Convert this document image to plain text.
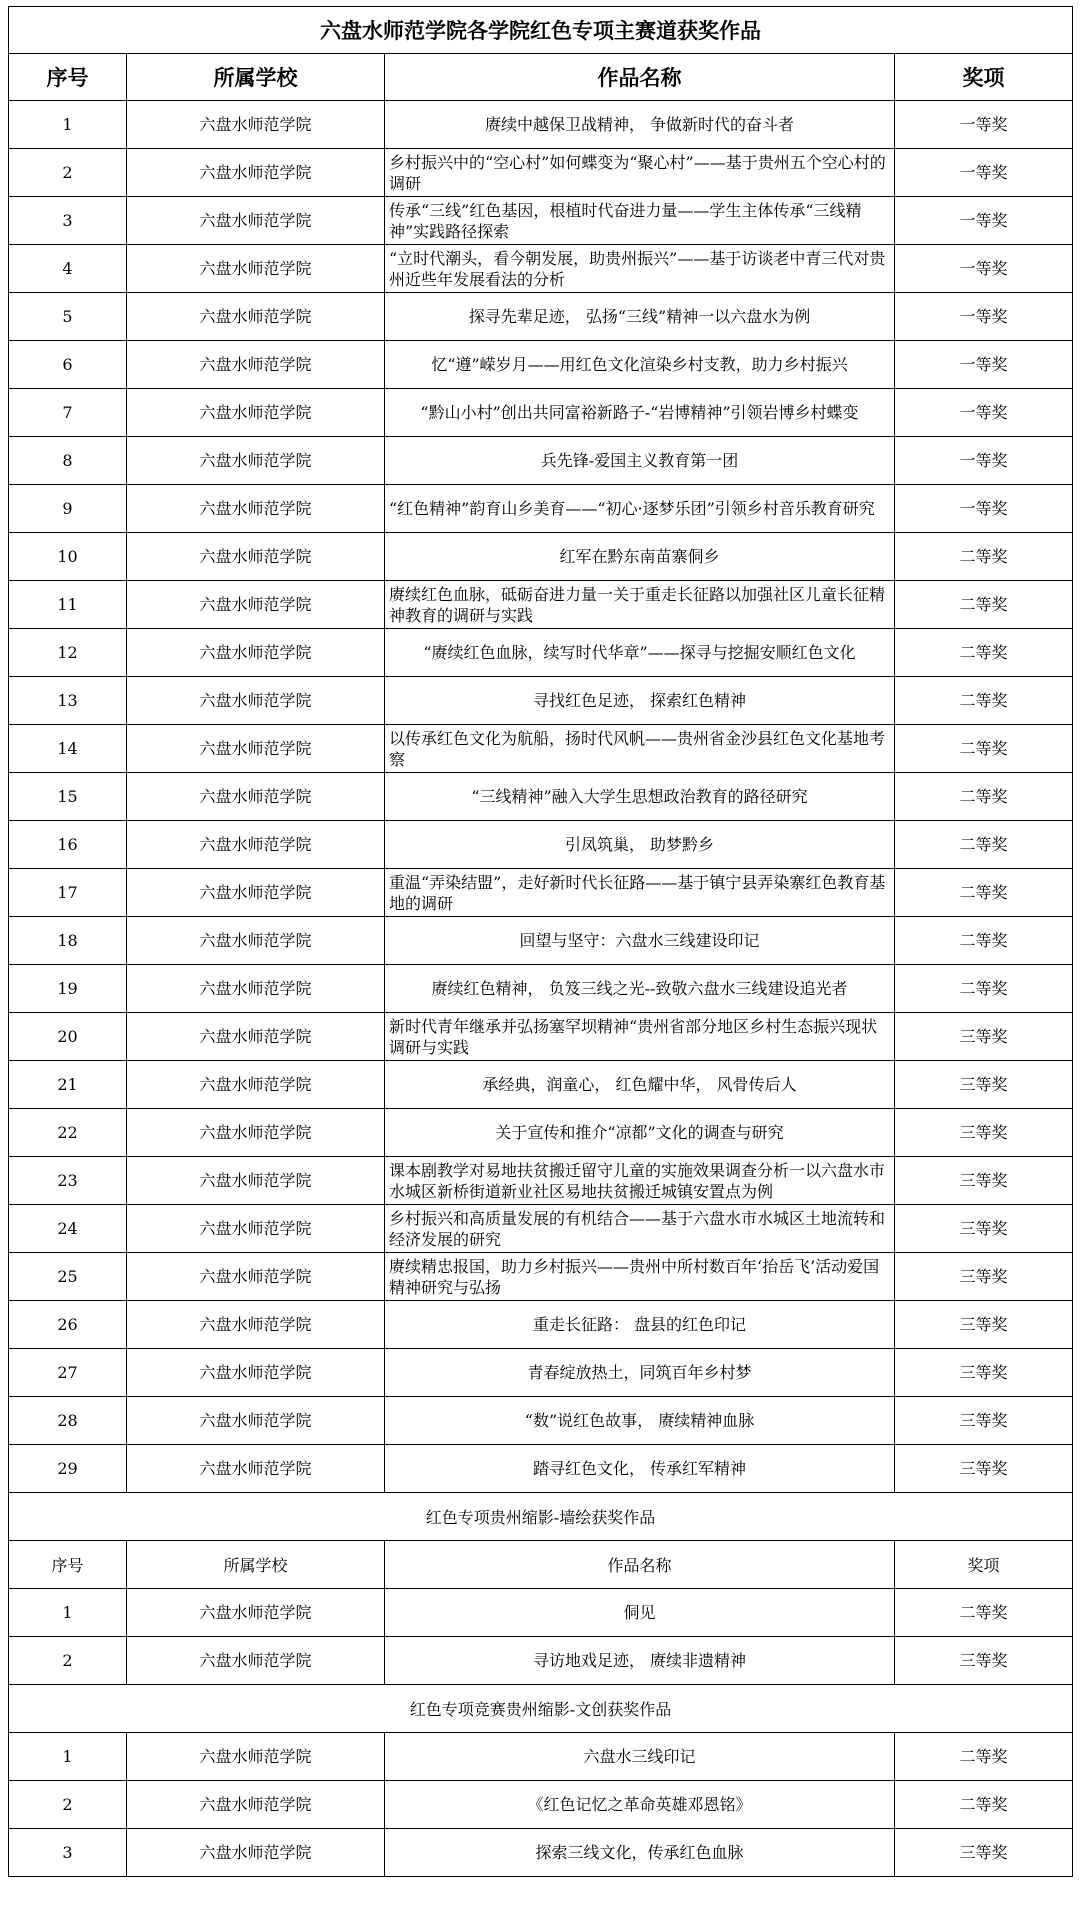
六盘水师范学院各学院红色专项主赛道获奖作品			
序号	所属学校	作品名称	奖项
1	六盘水师范学院	赓续中越保卫战精神， 争做新时代的奋斗者	一等奖
2	六盘水师范学院	乡村振兴中的“空心村”如何蝶变为“聚心村”——基于贵州五个空心村的调研	一等奖
3	六盘水师范学院	传承“三线”红色基因，根植时代奋进力量——学生主体传承“三线精神”实践路径探索	一等奖
4	六盘水师范学院	“立时代潮头，看今朝发展，助贵州振兴”——基于访谈老中青三代对贵州近些年发展看法的分析	一等奖
5	六盘水师范学院	探寻先辈足迹， 弘扬“三线”精神一以六盘水为例	一等奖
6	六盘水师范学院	忆“遵”嵘岁月——用红色文化渲染乡村支教，助力乡村振兴	一等奖
7	六盘水师范学院	“黔山小村”创出共同富裕新路子-“岩博精神”引领岩博乡村蝶变	一等奖
8	六盘水师范学院	兵先锋-爱国主义教育第一团	一等奖
9	六盘水师范学院	“红色精神”韵育山乡美育——“初心·逐梦乐团”引领乡村音乐教育研究	一等奖
10	六盘水师范学院	红军在黔东南苗寨侗乡	二等奖
11	六盘水师范学院	赓续红色血脉，砥砺奋进力量一关于重走长征路以加强社区儿童长征精神教育的调研与实践	二等奖
12	六盘水师范学院	“赓续红色血脉，续写时代华章”——探寻与挖掘安顺红色文化	二等奖
13	六盘水师范学院	寻找红色足迹， 探索红色精神	二等奖
14	六盘水师范学院	以传承红色文化为航船，扬时代风帆——贵州省金沙县红色文化基地考察	二等奖
15	六盘水师范学院	“三线精神”融入大学生思想政治教育的路径研究	二等奖
16	六盘水师范学院	引凤筑巢， 助梦黔乡	二等奖
17	六盘水师范学院	重温“弄染结盟”，走好新时代长征路——基于镇宁县弄染寨红色教育基地的调研	二等奖
18	六盘水师范学院	回望与坚守：六盘水三线建设印记	二等奖
19	六盘水师范学院	赓续红色精神， 负笈三线之光--致敬六盘水三线建设追光者	二等奖
20	六盘水师范学院	新时代青年继承并弘扬塞罕坝精神“贵州省部分地区乡村生态振兴现状调研与实践	三等奖
21	六盘水师范学院	承经典，润童心， 红色耀中华， 风骨传后人	三等奖
22	六盘水师范学院	关于宣传和推介“凉都”文化的调查与研究	三等奖
23	六盘水师范学院	课本剧教学对易地扶贫搬迁留守儿童的实施效果调查分析一以六盘水市水城区新桥街道新业社区易地扶贫搬迁城镇安置点为例	三等奖
24	六盘水师范学院	乡村振兴和高质量发展的有机结合——基于六盘水市水城区土地流转和经济发展的研究	三等奖
25	六盘水师范学院	赓续精忠报国，助力乡村振兴——贵州中所村数百年‘抬岳飞’活动爱国精神研究与弘扬	三等奖
26	六盘水师范学院	重走长征路： 盘县的红色印记	三等奖
27	六盘水师范学院	青春绽放热土，同筑百年乡村梦	三等奖
28	六盘水师范学院	“数”说红色故事， 赓续精神血脉	三等奖
29	六盘水师范学院	踏寻红色文化， 传承红军精神	三等奖
红色专项贵州缩影-墙绘获奖作品			
序号	所属学校	作品名称	奖项
1	六盘水师范学院	侗见	二等奖
2	六盘水师范学院	寻访地戏足迹， 赓续非遗精神	三等奖
红色专项竞赛贵州缩影-文创获奖作品			
1	六盘水师范学院	六盘水三线印记	二等奖
2	六盘水师范学院	《红色记忆之革命英雄邓恩铭》	二等奖
3	六盘水师范学院	探索三线文化，传承红色血脉	三等奖
